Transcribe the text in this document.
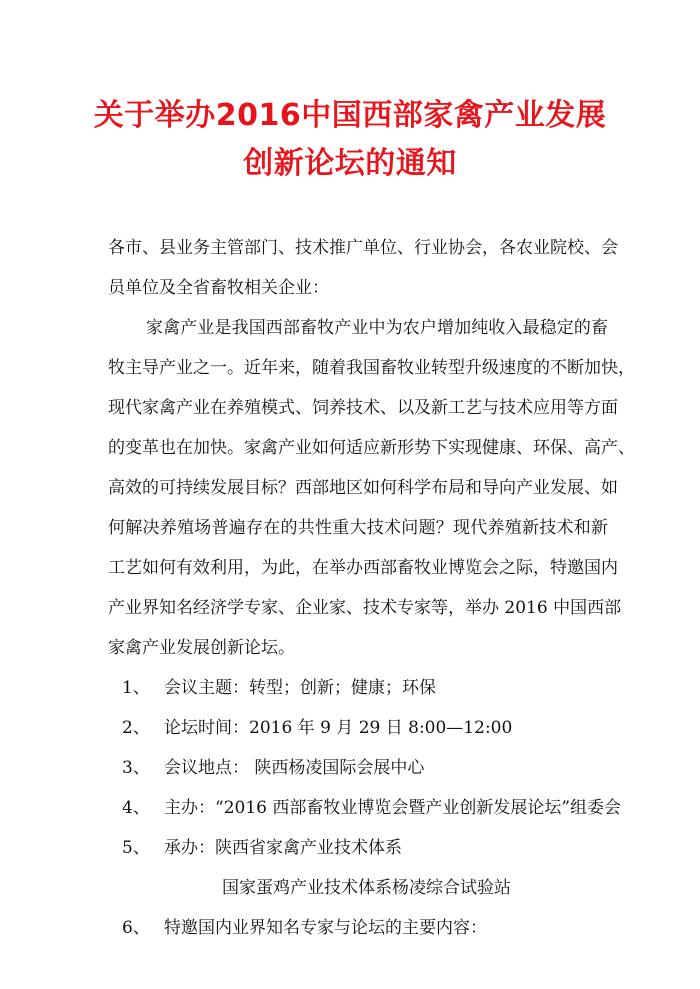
关于举办2016中国西部家禽产业发展
创新论坛的通知

各市、县业务主管部门、技术推广单位、行业协会，各农业院校、会

员单位及全省畜牧相关企业：

家禽产业是我国西部畜牧产业中为农户增加纯收入最稳定的畜

牧主导产业之一。近年来，随着我国畜牧业转型升级速度的不断加快，

现代家禽产业在养殖模式、饲养技术、以及新工艺与技术应用等方面

的变革也在加快。家禽产业如何适应新形势下实现健康、环保、高产、

高效的可持续发展目标？西部地区如何科学布局和导向产业发展、如

何解决养殖场普遍存在的共性重大技术问题？现代养殖新技术和新

工艺如何有效利用，为此，在举办西部畜牧业博览会之际，特邀国内

产业界知名经济学专家、企业家、技术专家等，举办 2016 中国西部

家禽产业发展创新论坛。

1、 会议主题：转型；创新；健康；环保
2、 论坛时间：2016 年 9 月 29 日 8:00—12:00
3、 会议地点： 陕西杨凌国际会展中心
4、 主办：“2016 西部畜牧业博览会暨产业创新发展论坛”组委会
5、 承办：陕西省家禽产业技术体系
国家蛋鸡产业技术体系杨凌综合试验站
6、 特邀国内业界知名专家与论坛的主要内容：
